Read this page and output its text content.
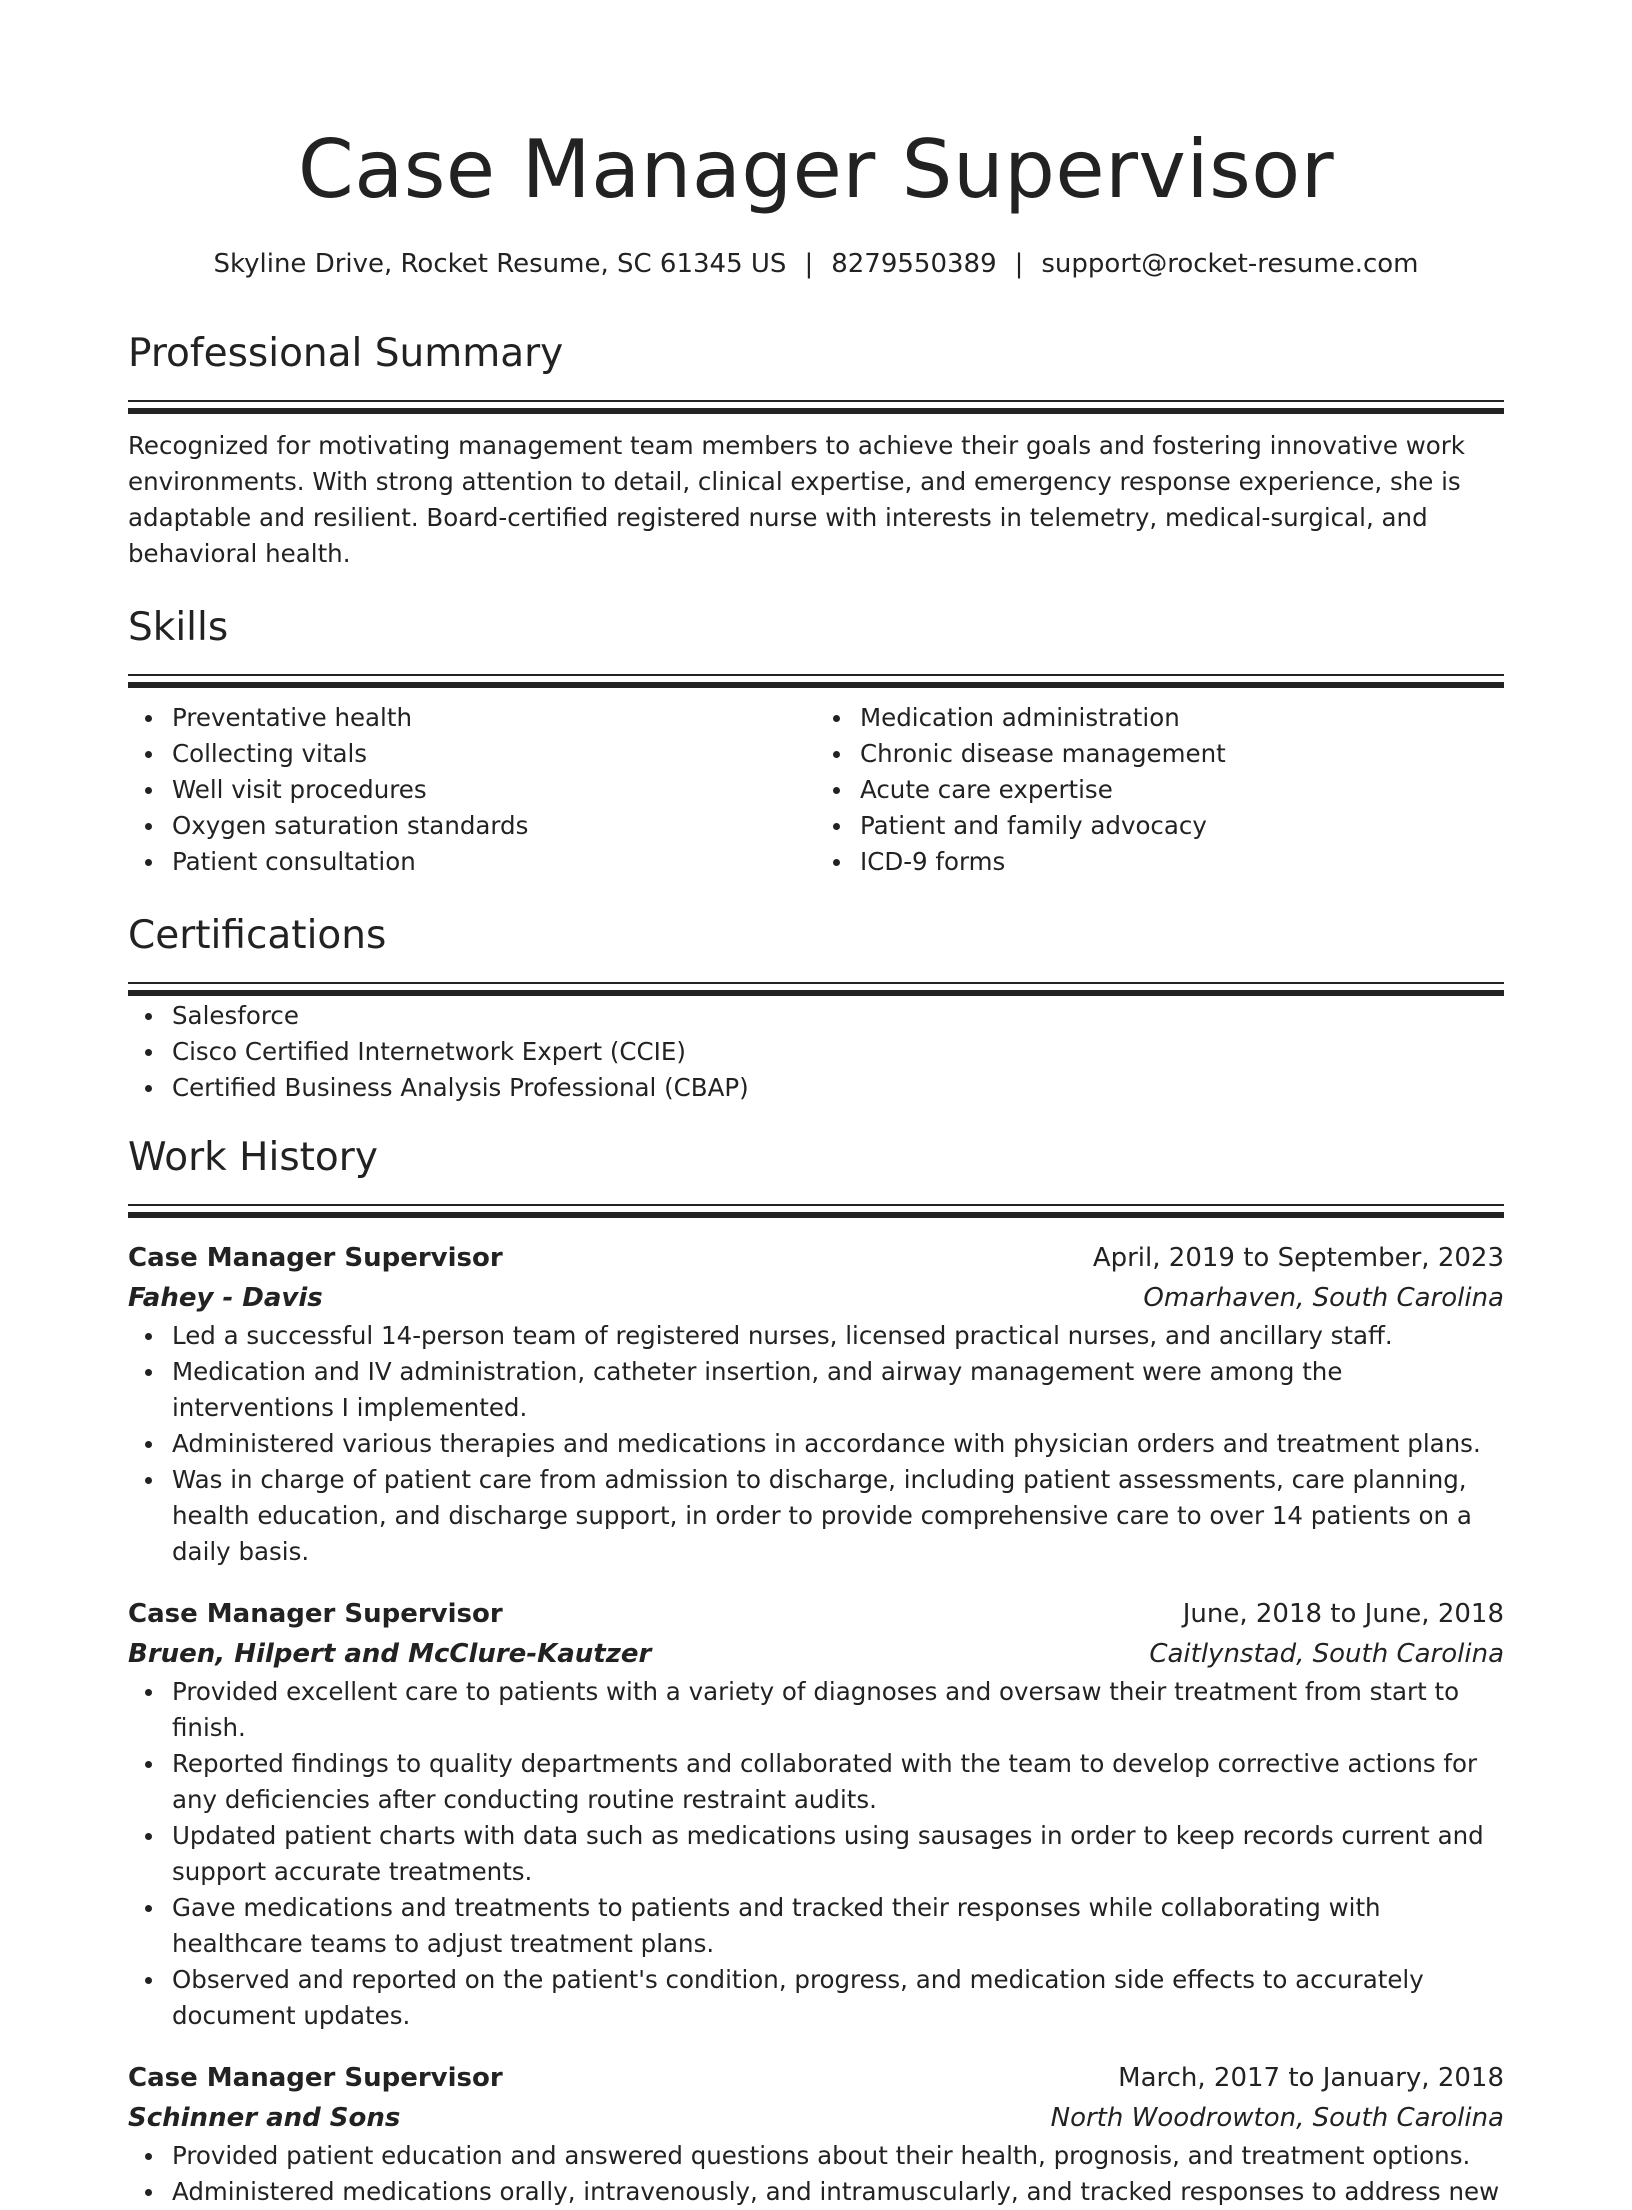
Case Manager Supervisor
Skyline Drive, Rocket Resume, SC 61345 US | 8279550389 | support@rocket-resume.com
Professional Summary

Recognized for motivating management team members to achieve their goals and fostering innovative work environments. With strong attention to detail, clinical expertise, and emergency response experience, she is adaptable and resilient. Board-certified registered nurse with interests in telemetry, medical-surgical, and behavioral health.

Skills
Preventative health
Collecting vitals
Well visit procedures
Oxygen saturation standards
Patient consultation
Medication administration
Chronic disease management
Acute care expertise
Patient and family advocacy
ICD-9 forms
Certifications
Salesforce
Cisco Certified Internetwork Expert (CCIE)
Certified Business Analysis Professional (CBAP)
Work History
Case Manager Supervisor	April, 2019 to September, 2023
Fahey - Davis	Omarhaven, South Carolina
Led a successful 14-person team of registered nurses, licensed practical nurses, and ancillary staff.
Medication and IV administration, catheter insertion, and airway management were among the interventions I implemented.
Administered various therapies and medications in accordance with physician orders and treatment plans.
Was in charge of patient care from admission to discharge, including patient assessments, care planning, health education, and discharge support, in order to provide comprehensive care to over 14 patients on a daily basis.
Case Manager Supervisor	June, 2018 to June, 2018
Bruen, Hilpert and McClure-Kautzer	Caitlynstad, South Carolina
Provided excellent care to patients with a variety of diagnoses and oversaw their treatment from start to finish.
Reported findings to quality departments and collaborated with the team to develop corrective actions for any deficiencies after conducting routine restraint audits.
Updated patient charts with data such as medications using sausages in order to keep records current and support accurate treatments.
Gave medications and treatments to patients and tracked their responses while collaborating with healthcare teams to adjust treatment plans.
Observed and reported on the patient's condition, progress, and medication side effects to accurately document updates.
Case Manager Supervisor	March, 2017 to January, 2018
Schinner and Sons	North Woodrowton, South Carolina
Provided patient education and answered questions about their health, prognosis, and treatment options.
Administered medications orally, intravenously, and intramuscularly, and tracked responses to address new
